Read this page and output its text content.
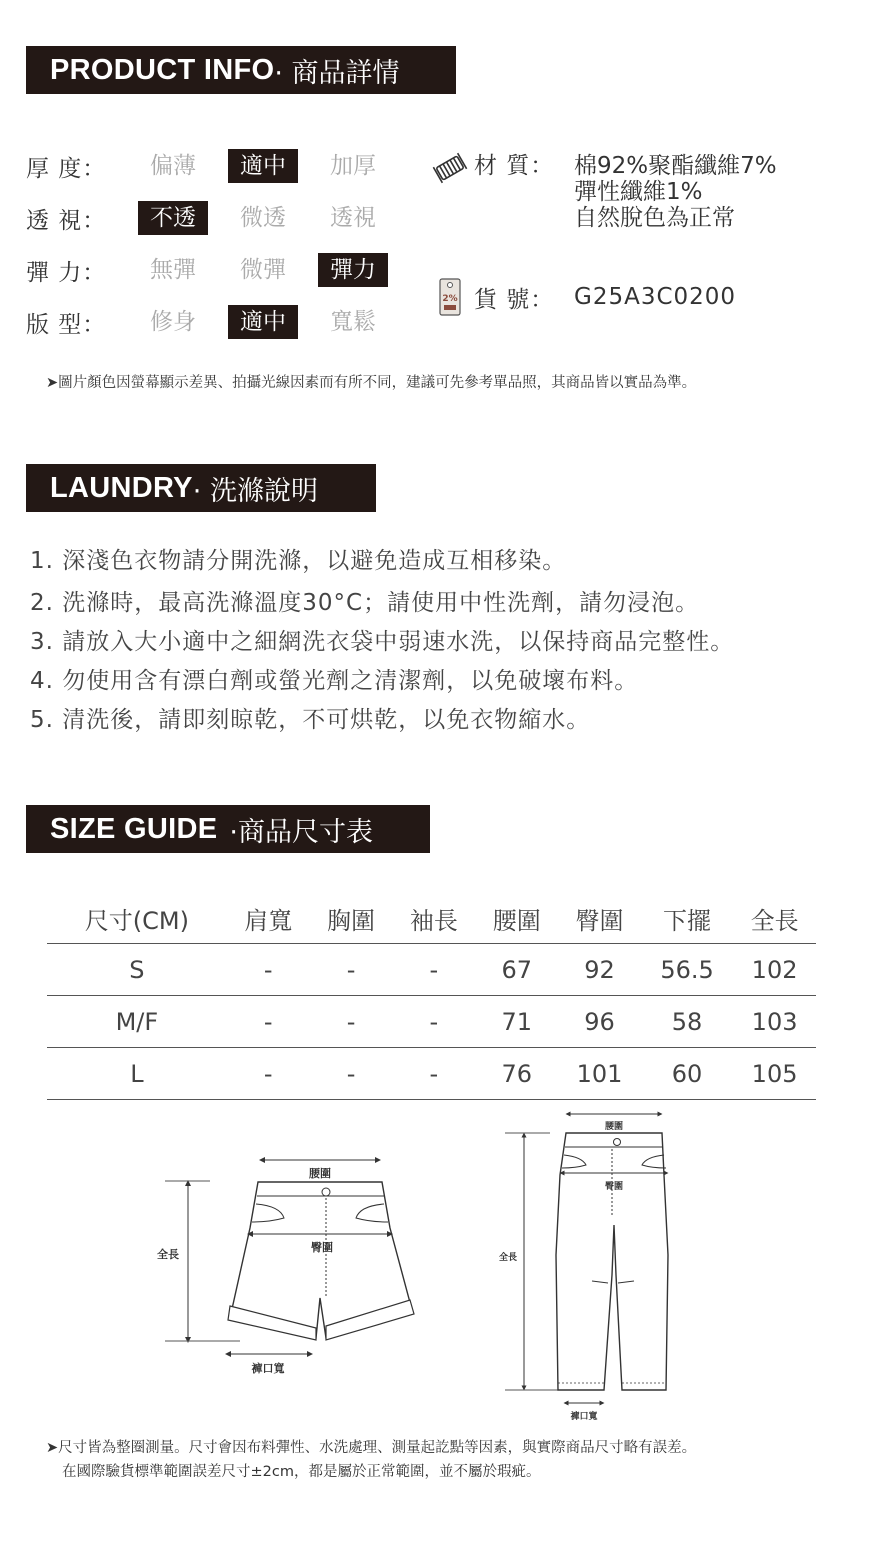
PRODUCT INFO · 商品詳情
厚 度：	偏薄	適中	加厚
透 視：	不透	微透	透視
彈 力：	無彈	微彈	彈力
版 型：	修身	適中	寬鬆
材 質： 棉92%聚酯纖維7%
彈性纖維1%
自然脫色為正常
2% 貨 號： G25A3C0200
➤圖片顏色因螢幕顯示差異、拍攝光線因素而有所不同，建議可先參考單品照，其商品皆以實品為準。
LAUNDRY · 洗滌說明
1. 深淺色衣物請分開洗滌，以避免造成互相移染。
2. 洗滌時，最高洗滌溫度30°C；請使用中性洗劑，請勿浸泡。
3. 請放入大小適中之細網洗衣袋中弱速水洗，以保持商品完整性。
4. 勿使用含有漂白劑或螢光劑之清潔劑，以免破壞布料。
5. 清洗後，請即刻晾乾，不可烘乾，以免衣物縮水。
SIZE GUIDE ·商品尺寸表
尺寸(CM)	肩寬	胸圍	袖長	腰圍	臀圍	下擺	全長
S	-	-	-	67	92	56.5	102
M/F	-	-	-	71	96	58	103
L	-	-	-	76	101	60	105
腰圍
全長
臀圍
褲口寬
腰圍
全長
臀圍
褲口寬
➤尺寸皆為整圈測量。尺寸會因布料彈性、水洗處理、測量起訖點等因素，與實際商品尺寸略有誤差。
在國際驗貨標準範圍誤差尺寸±2cm，都是屬於正常範圍，並不屬於瑕疵。
